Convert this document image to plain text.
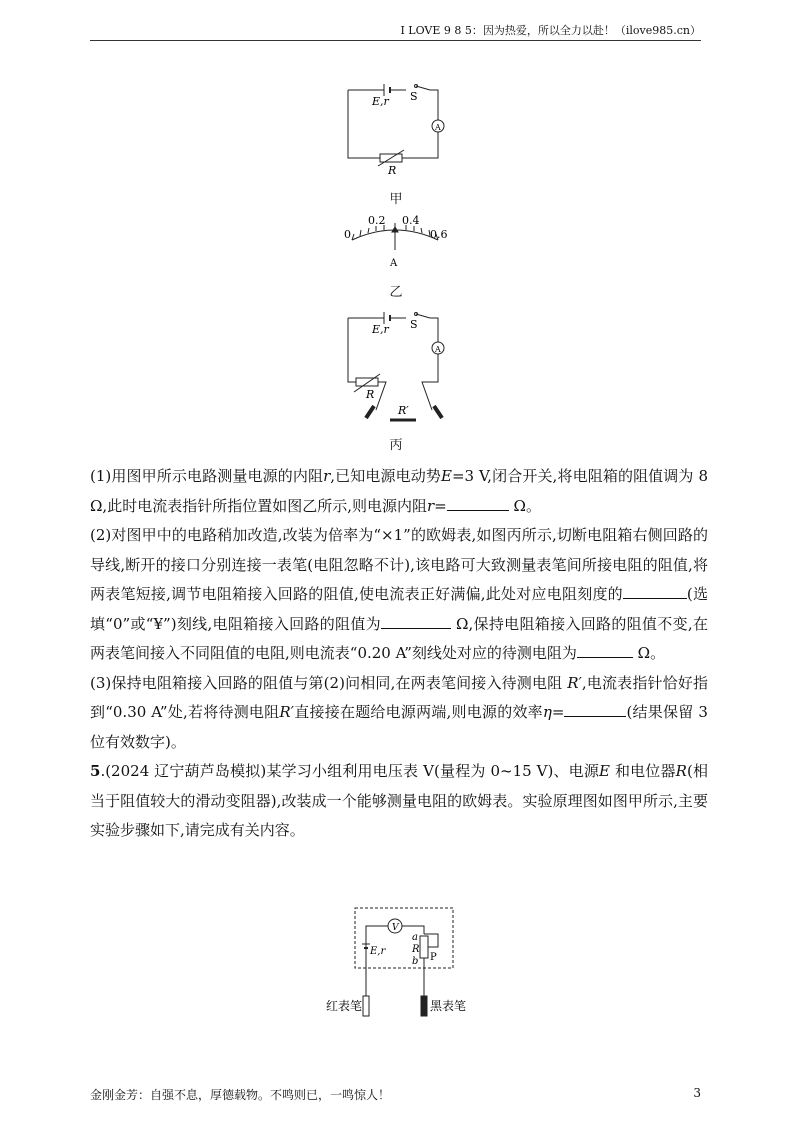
I LOVE 9 8 5：因为热爱，所以全力以赴！（ilove985.cn）
E,r S
A
R
甲
0
0.2 0.4
0.6
A
乙
E,r S
A
R
R′
丙

(1)用图甲所示电路测量电源的内阻r,已知电源电动势E=3 V,闭合开关,将电阻箱的阻值调为 8 Ω,此时电流表指针所指位置如图乙所示,则电源内阻r=	Ω。

(2)对图甲中的电路稍加改造,改装为倍率为“×1”的欧姆表,如图丙所示,切断电阻箱右侧回路的导线,断开的接口分别连接一表笔(电阻忽略不计),该电路可大致测量表笔间所接电阻的阻值,将两表笔短接,调节电阻箱接入回路的阻值,使电流表正好满偏,此处对应电阻刻度的	(选填“0”或“¥”)刻线,电阻箱接入回路的阻值为	Ω,保持电阻箱接入回路的阻值不变,在两表笔间接入不同阻值的电阻,则电流表“0.20 A”刻线处对应的待测电阻为	Ω。

(3)保持电阻箱接入回路的阻值与第(2)问相同,在两表笔间接入待测电阻 R′,电流表指针恰好指到“0.30 A”处,若将待测电阻R′直接接在题给电源两端,则电源的效率η=	(结果保留 3 位有效数字)。

5.(2024 辽宁葫芦岛模拟)某学习小组利用电压表 V(量程为 0~15 V)、电源E 和电位器R(相当于阻值较大的滑动变阻器),改装成一个能够测量电阻的欧姆表。实验原理图如图甲所示,主要实验步骤如下,请完成有关内容。

V
E,r
a
R
b P
红表笔	黑表笔
金刚金芳：自强不息，厚德载物。不鸣则已，一鸣惊人！	3
